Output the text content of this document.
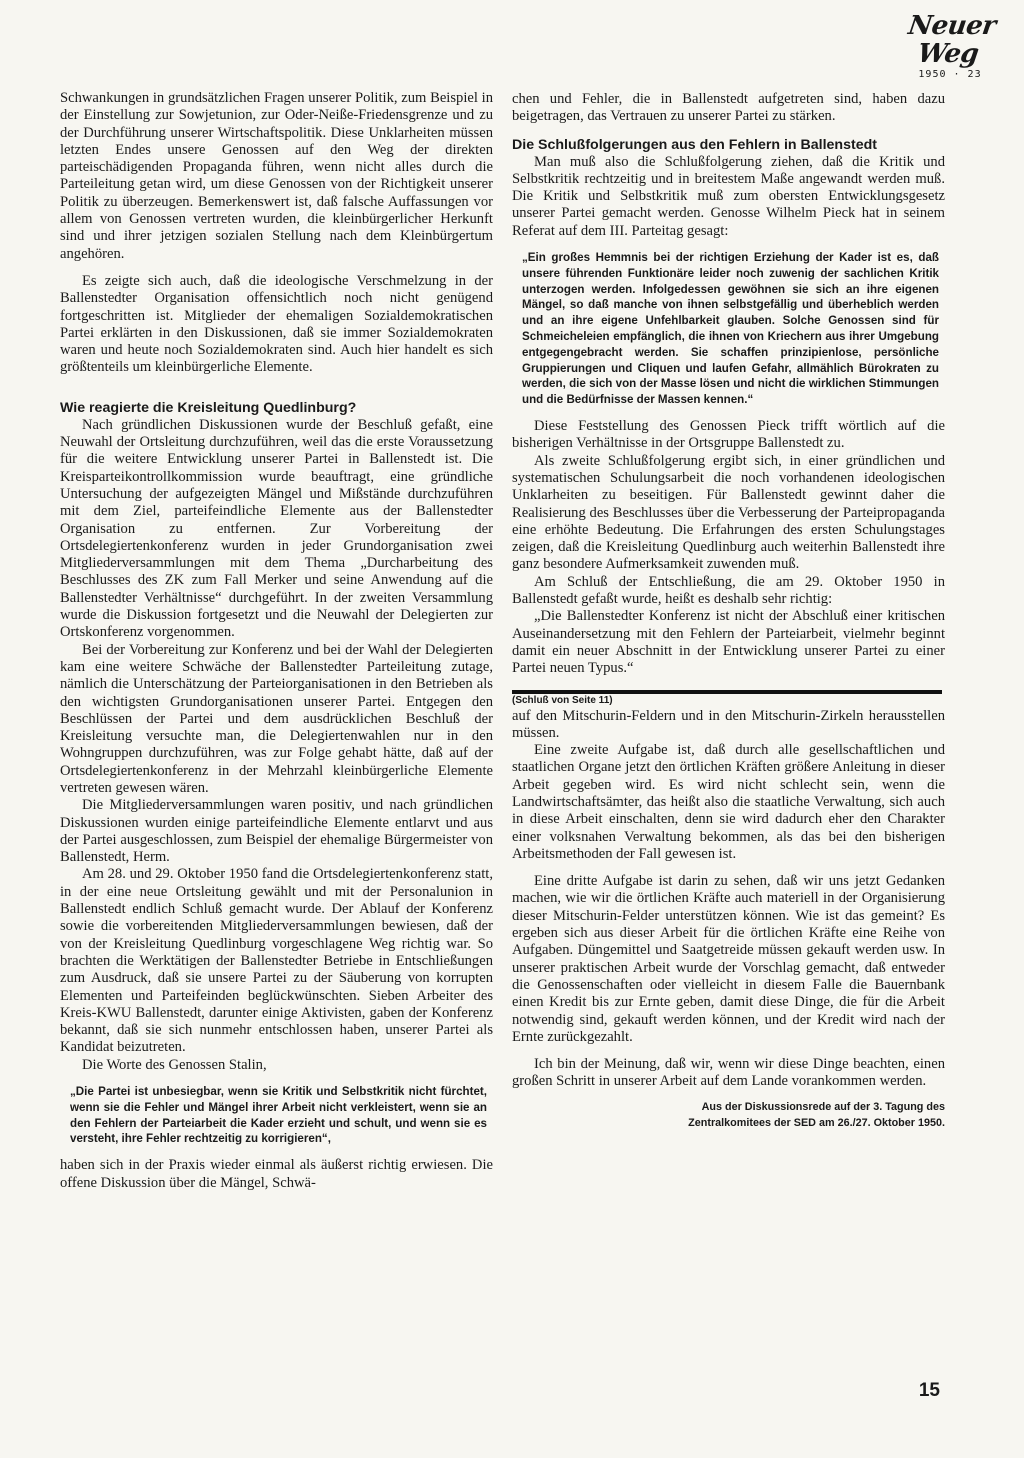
Neuer Weg
1950 · 23

Schwankungen in grundsätzlichen Fragen unserer Politik, zum Beispiel in der Einstellung zur Sowjetunion, zur Oder-Neiße-Friedensgrenze und zu der Durchführung unserer Wirtschaftspolitik. Diese Unklarheiten müssen letzten Endes unsere Genossen auf den Weg der direkten parteischädigenden Propaganda führen, wenn nicht alles durch die Parteileitung getan wird, um diese Genossen von der Richtigkeit unserer Politik zu überzeugen. Bemerkenswert ist, daß falsche Auffassungen vor allem von Genossen vertreten wurden, die kleinbürgerlicher Herkunft sind und ihrer jetzigen sozialen Stellung nach dem Kleinbürgertum angehören.

Es zeigte sich auch, daß die ideologische Verschmelzung in der Ballenstedter Organisation offensichtlich noch nicht genügend fortgeschritten ist. Mitglieder der ehemaligen Sozialdemokratischen Partei erklärten in den Diskussionen, daß sie immer Sozialdemokraten waren und heute noch Sozialdemokraten sind. Auch hier handelt es sich größtenteils um kleinbürgerliche Elemente.

Wie reagierte die Kreisleitung Quedlinburg?

Nach gründlichen Diskussionen wurde der Beschluß gefaßt, eine Neuwahl der Ortsleitung durchzuführen, weil das die erste Voraussetzung für die weitere Entwicklung unserer Partei in Ballenstedt ist. Die Kreisparteikontrollkommission wurde beauftragt, eine gründliche Untersuchung der aufgezeigten Mängel und Mißstände durchzuführen mit dem Ziel, parteifeindliche Elemente aus der Ballenstedter Organisation zu entfernen. Zur Vorbereitung der Ortsdelegiertenkonferenz wurden in jeder Grundorganisation zwei Mitgliederversammlungen mit dem Thema „Durcharbeitung des Beschlusses des ZK zum Fall Merker und seine Anwendung auf die Ballenstedter Verhältnisse“ durchgeführt. In der zweiten Versammlung wurde die Diskussion fortgesetzt und die Neuwahl der Delegierten zur Ortskonferenz vorgenommen.

Bei der Vorbereitung zur Konferenz und bei der Wahl der Delegierten kam eine weitere Schwäche der Ballenstedter Parteileitung zutage, nämlich die Unterschätzung der Parteiorganisationen in den Betrieben als den wichtigsten Grundorganisationen unserer Partei. Entgegen den Beschlüssen der Partei und dem ausdrücklichen Beschluß der Kreisleitung versuchte man, die Delegiertenwahlen nur in den Wohngruppen durchzuführen, was zur Folge gehabt hätte, daß auf der Ortsdelegiertenkonferenz in der Mehrzahl kleinbürgerliche Elemente vertreten gewesen wären.

Die Mitgliederversammlungen waren positiv, und nach gründlichen Diskussionen wurden einige parteifeindliche Elemente entlarvt und aus der Partei ausgeschlossen, zum Beispiel der ehemalige Bürgermeister von Ballenstedt, Herm.

Am 28. und 29. Oktober 1950 fand die Ortsdelegiertenkonferenz statt, in der eine neue Ortsleitung gewählt und mit der Personalunion in Ballenstedt endlich Schluß gemacht wurde. Der Ablauf der Konferenz sowie die vorbereitenden Mitgliederversammlungen bewiesen, daß der von der Kreisleitung Quedlinburg vorgeschlagene Weg richtig war. So brachten die Werktätigen der Ballenstedter Betriebe in Entschließungen zum Ausdruck, daß sie unsere Partei zu der Säuberung von korrupten Elementen und Parteifeinden beglückwünschten. Sieben Arbeiter des Kreis-KWU Ballenstedt, darunter einige Aktivisten, gaben der Konferenz bekannt, daß sie sich nunmehr entschlossen haben, unserer Partei als Kandidat beizutreten.

Die Worte des Genossen Stalin,

„Die Partei ist unbesiegbar, wenn sie Kritik und Selbstkritik nicht fürchtet, wenn sie die Fehler und Mängel ihrer Arbeit nicht verkleistert, wenn sie an den Fehlern der Parteiarbeit die Kader erzieht und schult, und wenn sie es versteht, ihre Fehler rechtzeitig zu korrigieren“,

haben sich in der Praxis wieder einmal als äußerst richtig erwiesen. Die offene Diskussion über die Mängel, Schwä-

chen und Fehler, die in Ballenstedt aufgetreten sind, haben dazu beigetragen, das Vertrauen zu unserer Partei zu stärken.

Die Schlußfolgerungen aus den Fehlern in Ballenstedt

Man muß also die Schlußfolgerung ziehen, daß die Kritik und Selbstkritik rechtzeitig und in breitestem Maße angewandt werden muß. Die Kritik und Selbstkritik muß zum obersten Entwicklungsgesetz unserer Partei gemacht werden. Genosse Wilhelm Pieck hat in seinem Referat auf dem III. Parteitag gesagt:

„Ein großes Hemmnis bei der richtigen Erziehung der Kader ist es, daß unsere führenden Funktionäre leider noch zuwenig der sachlichen Kritik unterzogen werden. Infolgedessen gewöhnen sie sich an ihre eigenen Mängel, so daß manche von ihnen selbstgefällig und überheblich werden und an ihre eigene Unfehlbarkeit glauben. Solche Genossen sind für Schmeicheleien empfänglich, die ihnen von Kriechern aus ihrer Umgebung entgegengebracht werden. Sie schaffen prinzipienlose, persönliche Gruppierungen und Cliquen und laufen Gefahr, allmählich Bürokraten zu werden, die sich von der Masse lösen und nicht die wirklichen Stimmungen und die Bedürfnisse der Massen kennen.“

Diese Feststellung des Genossen Pieck trifft wörtlich auf die bisherigen Verhältnisse in der Ortsgruppe Ballenstedt zu.

Als zweite Schlußfolgerung ergibt sich, in einer gründlichen und systematischen Schulungsarbeit die noch vorhandenen ideologischen Unklarheiten zu beseitigen. Für Ballenstedt gewinnt daher die Realisierung des Beschlusses über die Verbesserung der Parteipropaganda eine erhöhte Bedeutung. Die Erfahrungen des ersten Schulungstages zeigen, daß die Kreisleitung Quedlinburg auch weiterhin Ballenstedt ihre ganz besondere Aufmerksamkeit zuwenden muß.

Am Schluß der Entschließung, die am 29. Oktober 1950 in Ballenstedt gefaßt wurde, heißt es deshalb sehr richtig:

„Die Ballenstedter Konferenz ist nicht der Abschluß einer kritischen Auseinandersetzung mit den Fehlern der Parteiarbeit, vielmehr beginnt damit ein neuer Abschnitt in der Entwicklung unserer Partei zu einer Partei neuen Typus.“

(Schluß von Seite 11)

auf den Mitschurin-Feldern und in den Mitschurin-Zirkeln herausstellen müssen.

Eine zweite Aufgabe ist, daß durch alle gesellschaftlichen und staatlichen Organe jetzt den örtlichen Kräften größere Anleitung in dieser Arbeit gegeben wird. Es wird nicht schlecht sein, wenn die Landwirtschaftsämter, das heißt also die staatliche Verwaltung, sich auch in diese Arbeit einschalten, denn sie wird dadurch eher den Charakter einer volksnahen Verwaltung bekommen, als das bei den bisherigen Arbeitsmethoden der Fall gewesen ist.

Eine dritte Aufgabe ist darin zu sehen, daß wir uns jetzt Gedanken machen, wie wir die örtlichen Kräfte auch materiell in der Organisierung dieser Mitschurin-Felder unterstützen können. Wie ist das gemeint? Es ergeben sich aus dieser Arbeit für die örtlichen Kräfte eine Reihe von Aufgaben. Düngemittel und Saatgetreide müssen gekauft werden usw. In unserer praktischen Arbeit wurde der Vorschlag gemacht, daß entweder die Genossenschaften oder vielleicht in diesem Falle die Bauernbank einen Kredit bis zur Ernte geben, damit diese Dinge, die für die Arbeit notwendig sind, gekauft werden können, und der Kredit wird nach der Ernte zurückgezahlt.

Ich bin der Meinung, daß wir, wenn wir diese Dinge beachten, einen großen Schritt in unserer Arbeit auf dem Lande vorankommen werden.

Aus der Diskussionsrede auf der 3. Tagung des
Zentralkomitees der SED am 26./27. Oktober 1950.
15
